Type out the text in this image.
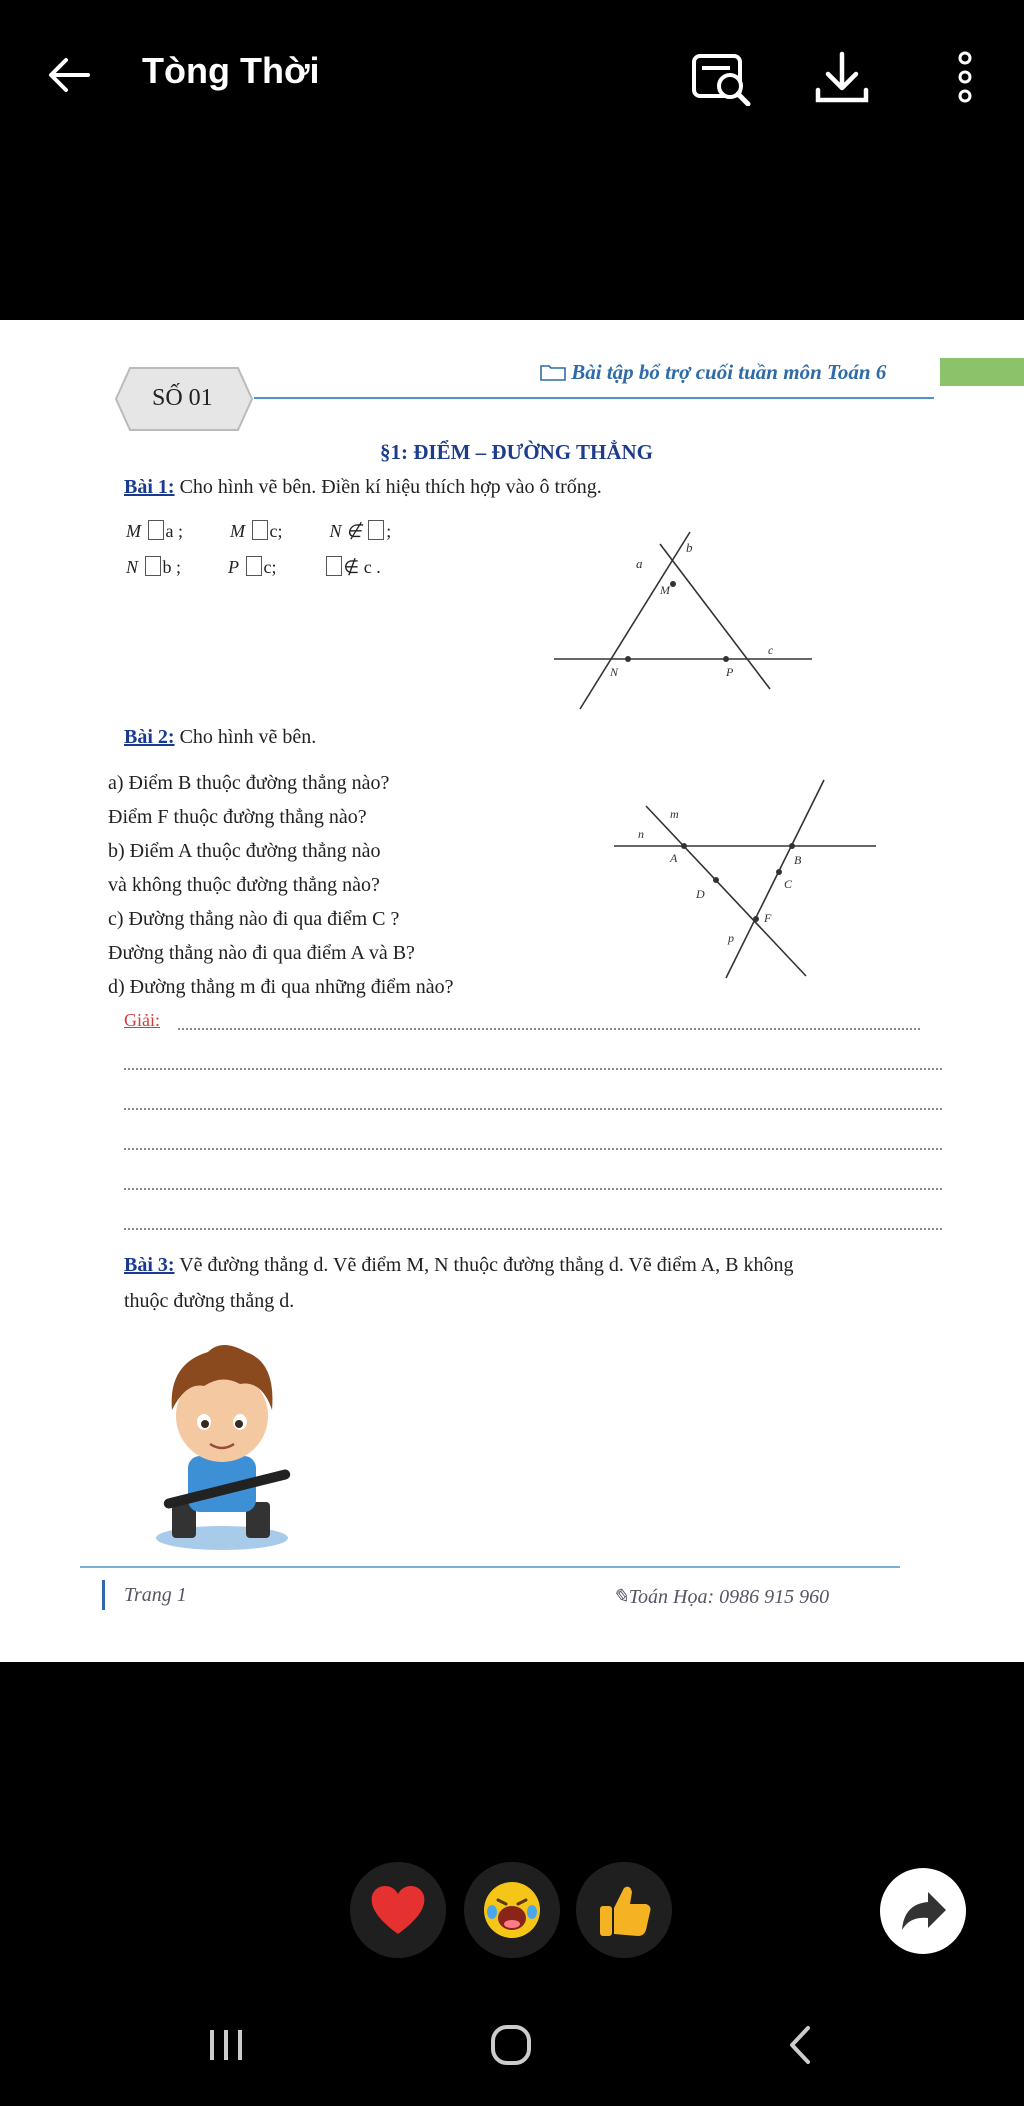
Tòng Thời
SỐ 01
Bài tập bổ trợ cuối tuần môn Toán 6
§1: ĐIỂM – ĐƯỜNG THẲNG
Bài 1: Cho hình vẽ bên. Điền kí hiệu thích hợp vào ô trống.
M a ;	M c;	N ∉ ;
N b ;	P c;	∉ c .	a
b
M
N	P
c
Bài 2: Cho hình vẽ bên.
a) Điểm B thuộc đường thẳng nào?
Điểm F thuộc đường thẳng nào?
b) Điểm A thuộc đường thẳng nào
và không thuộc đường thẳng nào?
c) Đường thẳng nào đi qua điểm C ?
Đường thẳng nào đi qua điểm A và B?
d) Đường thẳng m đi qua những điểm nào?
m
n
A	B
C
D
F
p
Giải:
Bài 3: Vẽ đường thẳng d. Vẽ điểm M, N thuộc đường thẳng d. Vẽ điểm A, B không
thuộc đường thẳng d.
Trang 1	✎Toán Họa: 0986 915 960
